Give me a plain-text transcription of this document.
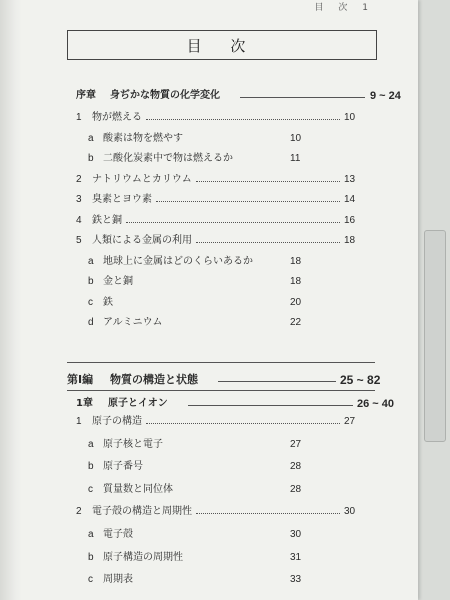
目 次 1
目 次
序章 身ぢかな物質の化学変化	9 ~ 24
1 物が燃える	10
a 酸素は物を燃やす	10
b 二酸化炭素中で物は燃えるか	11
2 ナトリウムとカリウム	13
3 臭素とヨウ素	14
4 鉄と銅	16
5 人類による金属の利用	18
a 地球上に金属はどのくらいあるか	18
b 金と銅	18
c 鉄	20
d アルミニウム	22
第Ⅰ編 物質の構造と状態	25 ~ 82
1章 原子とイオン	26 ~ 40
1 原子の構造	27
a 原子核と電子	27
b 原子番号	28
c 質量数と同位体	28
2 電子殻の構造と周期性	30
a 電子殻	30
b 原子構造の周期性	31
c 周期表	33
